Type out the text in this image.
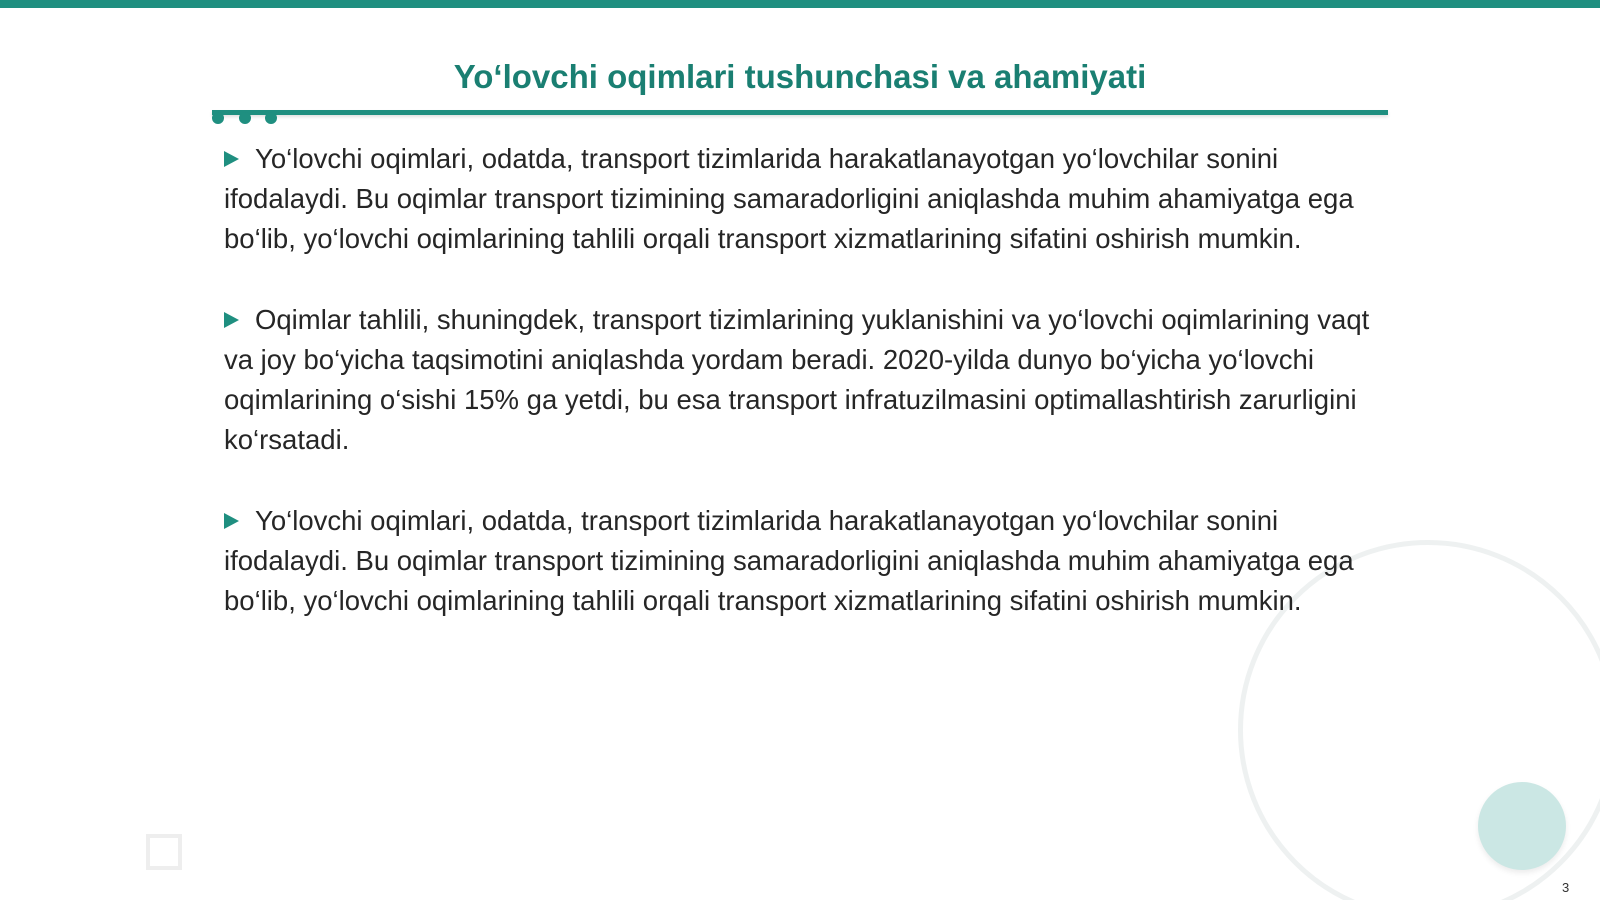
Yo‘lovchi oqimlari tushunchasi va ahamiyati

Yo‘lovchi oqimlari, odatda, transport tizimlarida harakatlanayotgan yo‘lovchilar sonini ifodalaydi. Bu oqimlar transport tizimining samaradorligini aniqlashda muhim ahamiyatga ega bo‘lib, yo‘lovchi oqimlarining tahlili orqali transport xizmatlarining sifatini oshirish mumkin.

Oqimlar tahlili, shuningdek, transport tizimlarining yuklanishini va yo‘lovchi oqimlarining vaqt va joy bo‘yicha taqsimotini aniqlashda yordam beradi. 2020-yilda dunyo bo‘yicha yo‘lovchi oqimlarining o‘sishi 15% ga yetdi, bu esa transport infratuzilmasini optimallashtirish zarurligini ko‘rsatadi.

Yo‘lovchi oqimlari, odatda, transport tizimlarida harakatlanayotgan yo‘lovchilar sonini ifodalaydi. Bu oqimlar transport tizimining samaradorligini aniqlashda muhim ahamiyatga ega bo‘lib, yo‘lovchi oqimlarining tahlili orqali transport xizmatlarining sifatini oshirish mumkin.

3
